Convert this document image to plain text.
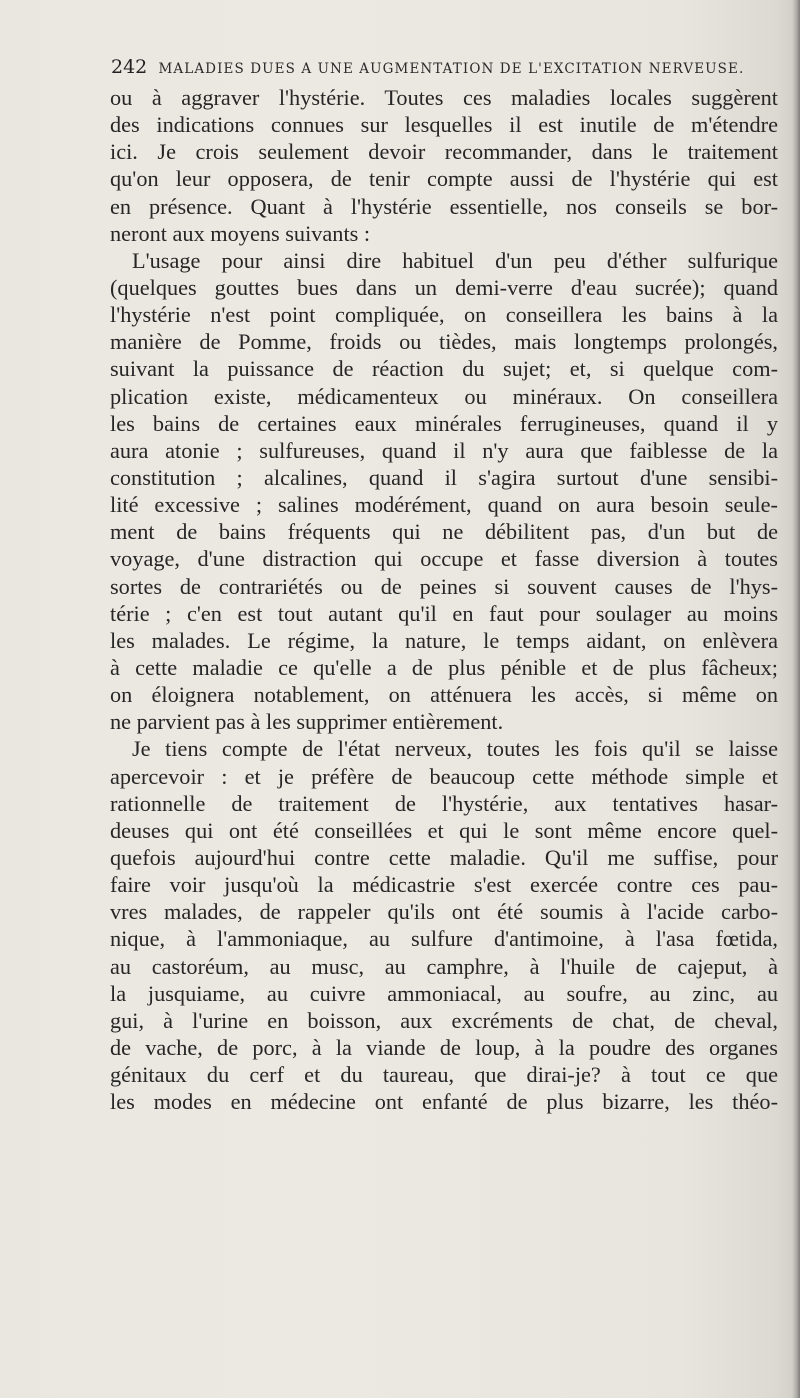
242 MALADIES DUES A UNE AUGMENTATION DE L'EXCITATION NERVEUSE.

ou à aggraver l'hystérie. Toutes ces maladies locales suggèrent

des indications connues sur lesquelles il est inutile de m'étendre

ici. Je crois seulement devoir recommander, dans le traitement

qu'on leur opposera, de tenir compte aussi de l'hystérie qui est

en présence. Quant à l'hystérie essentielle, nos conseils se bor-

neront aux moyens suivants :

L'usage pour ainsi dire habituel d'un peu d'éther sulfurique

(quelques gouttes bues dans un demi-verre d'eau sucrée); quand

l'hystérie n'est point compliquée, on conseillera les bains à la

manière de Pomme, froids ou tièdes, mais longtemps prolongés,

suivant la puissance de réaction du sujet; et, si quelque com-

plication existe, médicamenteux ou minéraux. On conseillera

les bains de certaines eaux minérales ferrugineuses, quand il y

aura atonie ; sulfureuses, quand il n'y aura que faiblesse de la

constitution ; alcalines, quand il s'agira surtout d'une sensibi-

lité excessive ; salines modérément, quand on aura besoin seule-

ment de bains fréquents qui ne débilitent pas, d'un but de

voyage, d'une distraction qui occupe et fasse diversion à toutes

sortes de contrariétés ou de peines si souvent causes de l'hys-

térie ; c'en est tout autant qu'il en faut pour soulager au moins

les malades. Le régime, la nature, le temps aidant, on enlèvera

à cette maladie ce qu'elle a de plus pénible et de plus fâcheux;

on éloignera notablement, on atténuera les accès, si même on

ne parvient pas à les supprimer entièrement.

Je tiens compte de l'état nerveux, toutes les fois qu'il se laisse

apercevoir : et je préfère de beaucoup cette méthode simple et

rationnelle de traitement de l'hystérie, aux tentatives hasar-

deuses qui ont été conseillées et qui le sont même encore quel-

quefois aujourd'hui contre cette maladie. Qu'il me suffise, pour

faire voir jusqu'où la médicastrie s'est exercée contre ces pau-

vres malades, de rappeler qu'ils ont été soumis à l'acide carbo-

nique, à l'ammoniaque, au sulfure d'antimoine, à l'asa fœtida,

au castoréum, au musc, au camphre, à l'huile de cajeput, à

la jusquiame, au cuivre ammoniacal, au soufre, au zinc, au

gui, à l'urine en boisson, aux excréments de chat, de cheval,

de vache, de porc, à la viande de loup, à la poudre des organes

génitaux du cerf et du taureau, que dirai-je? à tout ce que

les modes en médecine ont enfanté de plus bizarre, les théo-
